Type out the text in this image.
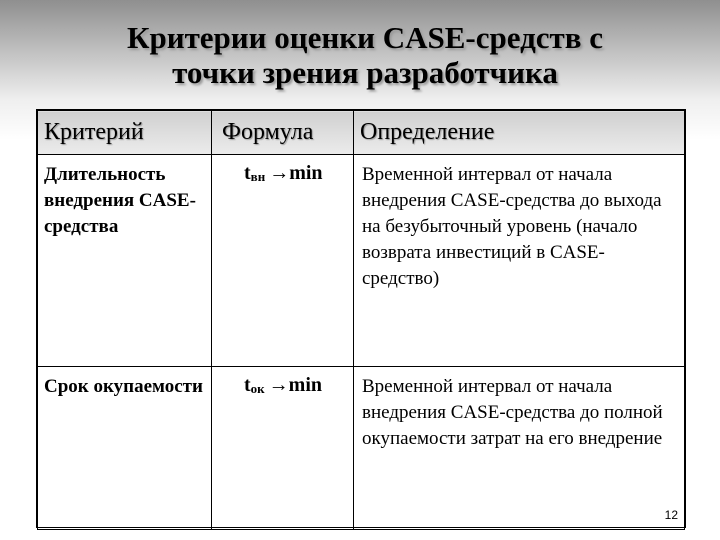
Критерии оценки CASE-средств с
точки зрения разработчика
Критерий	Формула	Определение
Длительность внедрения CASE-средства	$t_{вн} \to\min$	Временной интервал от начала внедрения CASE-средства до выхода на безубыточный уровень (начало возврата инвестиций в CASE-средство)
Срок окупаемости	$t_{ок} \to\min$	Временной интервал от начала внедрения CASE-средства до полной окупаемости затрат на его внедрение
12
